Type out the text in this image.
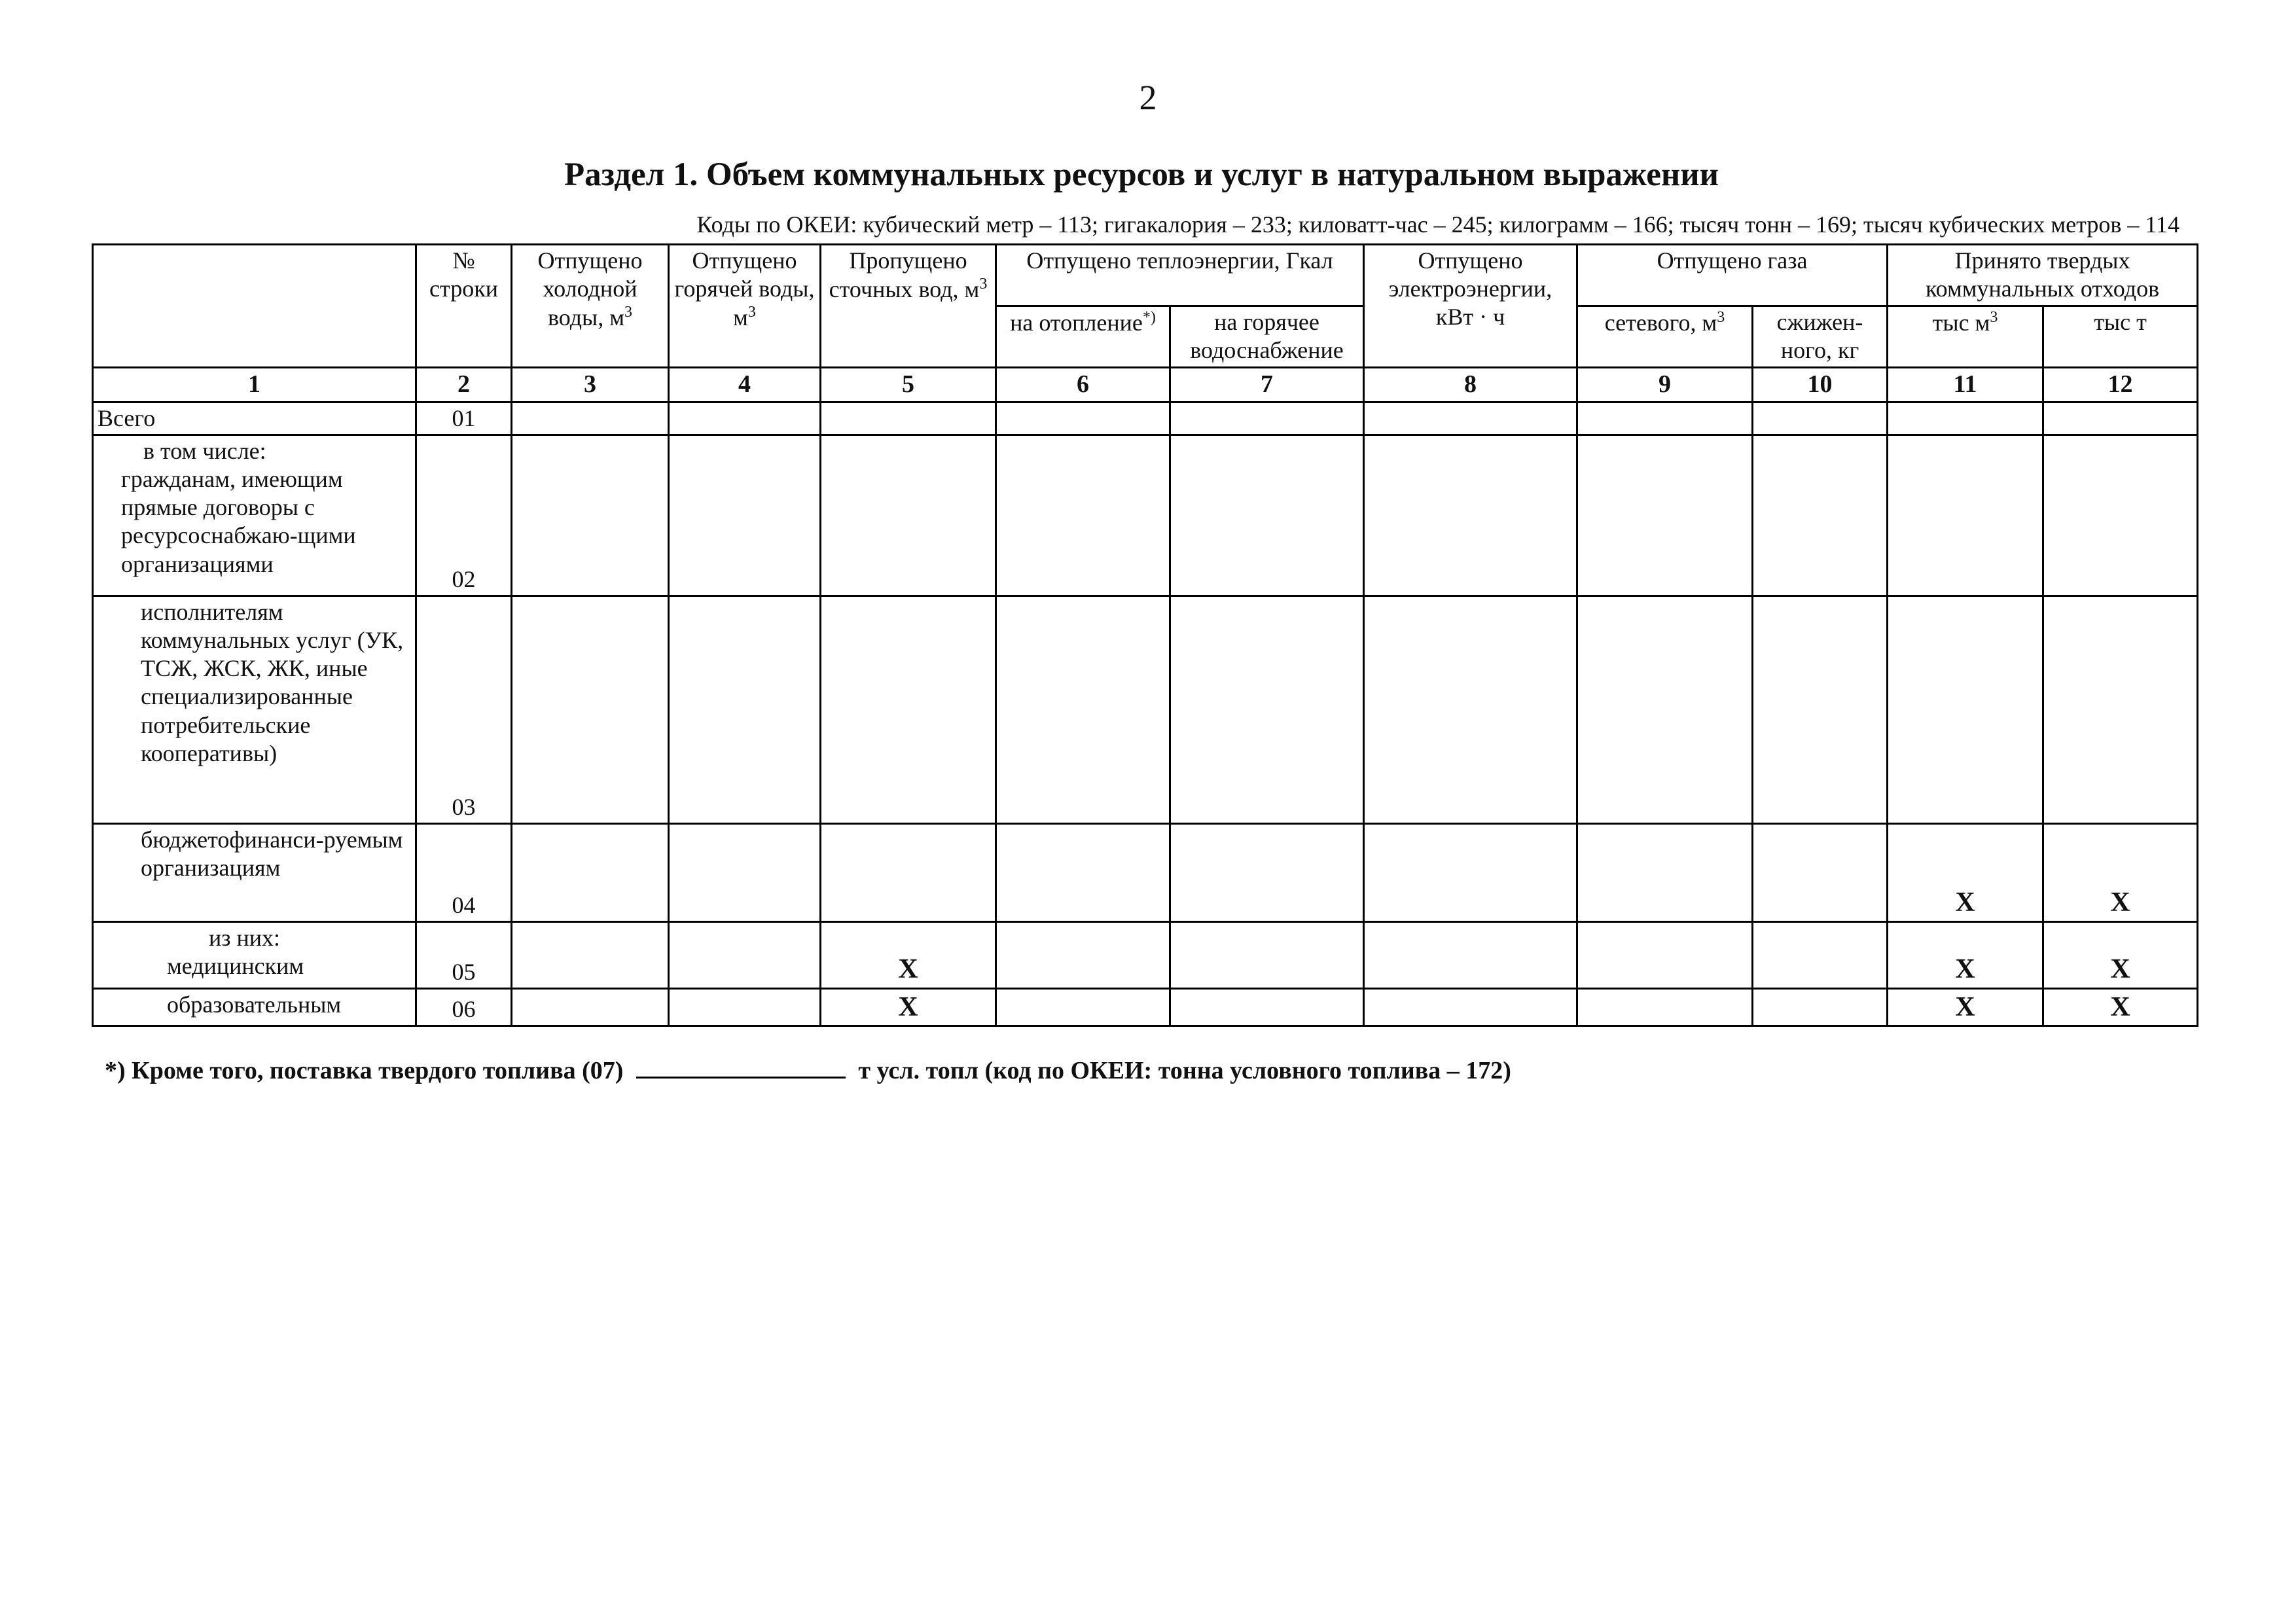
2
Раздел 1. Объем коммунальных ресурсов и услуг в натуральном выражении
Коды по ОКЕИ: кубический метр – 113; гигакалория – 233; киловатт-час – 245; килограмм – 166; тысяч тонн – 169; тысяч кубических метров – 114
	№ строки	Отпущено холодной воды, $м^3$	Отпущено горячей воды, $м^3$	Пропущено сточных вод, $м^3$	Отпущено теплоэнергии, Гкал		Отпущено электроэнергии, кВт · ч	Отпущено газа		Принято твердых коммунальных отходов	
					на отопление*)	на горячее водоснабжение		сетевого, $м^3$	сжижен-ного, кг	тыс $м^3$	тыс т
1	2	3	4	5	6	7	8	9	10	11	12
Всего	01										

в том числе:
гражданам, имеющим прямые договоры с ресурсоснабжаю-щими организациями	02										

исполнителям коммунальных услуг (УК, ТСЖ, ЖСК, ЖК, иные специализированные потребительские кооперативы)	03										

бюджетофинанси-руемым организациям	04									X	X

из них:
медицинским	05			X						X	X

образовательным	06			X						X	X
*) Кроме того, поставка твердого топлива (07)	т усл. топл (код по ОКЕИ: тонна условного топлива – 172)
